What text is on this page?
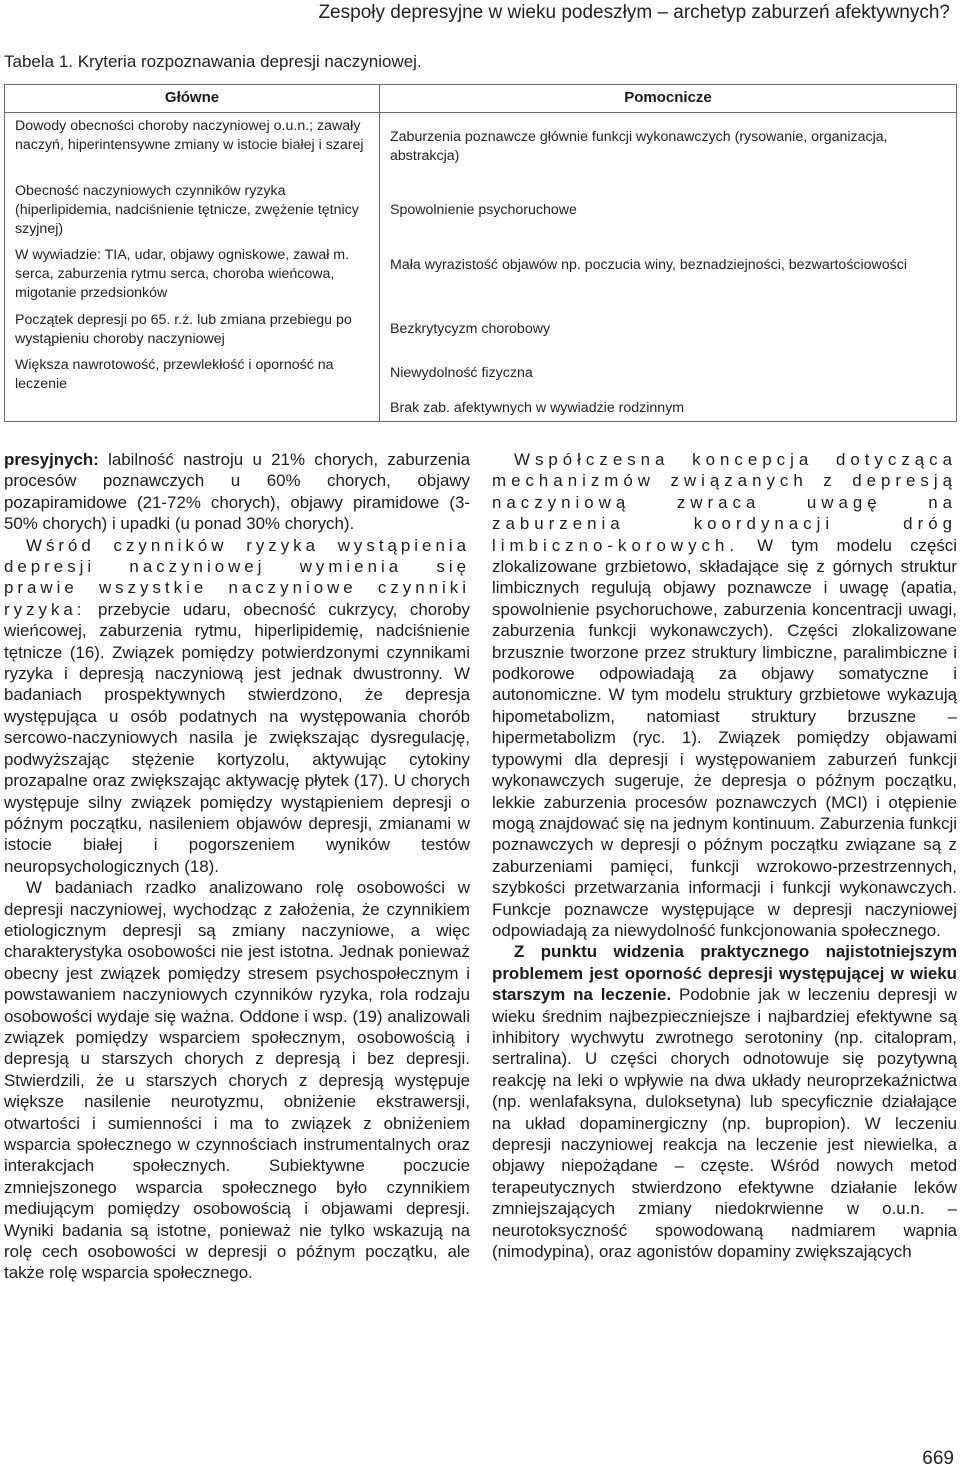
Zespoły depresyjne w wieku podeszłym – archetyp zaburzeń afektywnych?
Tabela 1. Kryteria rozpoznawania depresji naczyniowej.
Główne	Pomocnicze
Dowody obecności choroby naczyniowej o.u.n.; zawały naczyń, hiperintensywne zmiany w istocie białej i szarej
Obecność naczyniowych czynników ryzyka (hiperlipidemia, nadciśnienie tętnicze, zwężenie tętnicy szyjnej)
W wywiadzie: TIA, udar, objawy ogniskowe, zawał m. serca, zaburzenia rytmu serca, choroba wieńcowa, migotanie przedsionków
Początek depresji po 65. r.ż. lub zmiana przebiegu po wystąpieniu choroby naczyniowej
Większa nawrotowość, przewlekłość i oporność na leczenie
Zaburzenia poznawcze głównie funkcji wykonawczych (rysowanie, organizacja, abstrakcja)
Spowolnienie psychoruchowe
Mała wyrazistość objawów np. poczucia winy, beznadziejności, bezwartościowości
Bezkrytycyzm chorobowy
Niewydolność fizyczna
Brak zab. afektywnych w wywiadzie rodzinnym

presyjnych: labilność nastroju u 21% chorych, zaburzenia procesów poznawczych u 60% chorych, objawy pozapiramidowe (21-72% chorych), objawy piramidowe (3-50% chorych) i upadki (u ponad 30% chorych).

Wśród czynników ryzyka wystąpienia depresji naczyniowej wymienia się prawie wszystkie naczyniowe czynniki ryzyka: przebycie udaru, obecność cukrzycy, choroby wieńcowej, zaburzenia rytmu, hiperlipidemię, nadciśnienie tętnicze (16). Związek pomiędzy potwierdzonymi czynnikami ryzyka i depresją naczyniową jest jednak dwustronny. W badaniach prospektywnych stwierdzono, że depresja występująca u osób podatnych na występowania chorób sercowo-naczyniowych nasila je zwiększając dysregulację, podwyższając stężenie kortyzolu, aktywując cytokiny prozapalne oraz zwiększając aktywację płytek (17). U chorych występuje silny związek pomiędzy wystąpieniem depresji o późnym początku, nasileniem objawów depresji, zmianami w istocie białej i pogorszeniem wyników testów neuropsychologicznych (18).

W badaniach rzadko analizowano rolę osobowości w depresji naczyniowej, wychodząc z założenia, że czynnikiem etiologicznym depresji są zmiany naczyniowe, a więc charakterystyka osobowości nie jest istotna. Jednak ponieważ obecny jest związek pomiędzy stresem psychospołecznym i powstawaniem naczyniowych czynników ryzyka, rola rodzaju osobowości wydaje się ważna. Oddone i wsp. (19) analizowali związek pomiędzy wsparciem społecznym, osobowością i depresją u starszych chorych z depresją i bez depresji. Stwierdzili, że u starszych chorych z depresją występuje większe nasilenie neurotyzmu, obniżenie ekstrawersji, otwartości i sumienności i ma to związek z obniżeniem wsparcia społecznego w czynnościach instrumentalnych oraz interakcjach społecznych. Subiektywne poczucie zmniejszonego wsparcia społecznego było czynnikiem mediującym pomiędzy osobowością i objawami depresji. Wyniki badania są istotne, ponieważ nie tylko wskazują na rolę cech osobowości w depresji o późnym początku, ale także rolę wsparcia społecznego.

Współczesna koncepcja dotycząca mechanizmów związanych z depresją naczyniową zwraca uwagę na zaburzenia koordynacji dróg limbiczno-korowych. W tym modelu części zlokalizowane grzbietowo, składające się z górnych struktur limbicznych regulują objawy poznawcze i uwagę (apatia, spowolnienie psychoruchowe, zaburzenia koncentracji uwagi, zaburzenia funkcji wykonawczych). Części zlokalizowane brzusznie tworzone przez struktury limbiczne, paralimbiczne i podkorowe odpowiadają za objawy somatyczne i autonomiczne. W tym modelu struktury grzbietowe wykazują hipometabolizm, natomiast struktury brzuszne – hipermetabolizm (ryc. 1). Związek pomiędzy objawami typowymi dla depresji i występowaniem zaburzeń funkcji wykonawczych sugeruje, że depresja o późnym początku, lekkie zaburzenia procesów poznawczych (MCI) i otępienie mogą znajdować się na jednym kontinuum. Zaburzenia funkcji poznawczych w depresji o późnym początku związane są z zaburzeniami pamięci, funkcji wzrokowo-przestrzennych, szybkości przetwarzania informacji i funkcji wykonawczych. Funkcje poznawcze występujące w depresji naczyniowej odpowiadają za niewydolność funkcjonowania społecznego.

Z punktu widzenia praktycznego najistotniejszym problemem jest oporność depresji występującej w wieku starszym na leczenie. Podobnie jak w leczeniu depresji w wieku średnim najbezpieczniejsze i najbardziej efektywne są inhibitory wychwytu zwrotnego serotoniny (np. citalopram, sertralina). U części chorych odnotowuje się pozytywną reakcję na leki o wpływie na dwa układy neuroprzekaźnictwa (np. wenlafaksyna, duloksetyna) lub specyficznie działające na układ dopaminergiczny (np. bupropion). W leczeniu depresji naczyniowej reakcja na leczenie jest niewielka, a objawy niepożądane – częste. Wśród nowych metod terapeutycznych stwierdzono efektywne działanie leków zmniejszających zmiany niedokrwienne w o.u.n. – neurotoksyczność spowodowaną nadmiarem wapnia (nimodypina), oraz agonistów dopaminy zwiększających

669
